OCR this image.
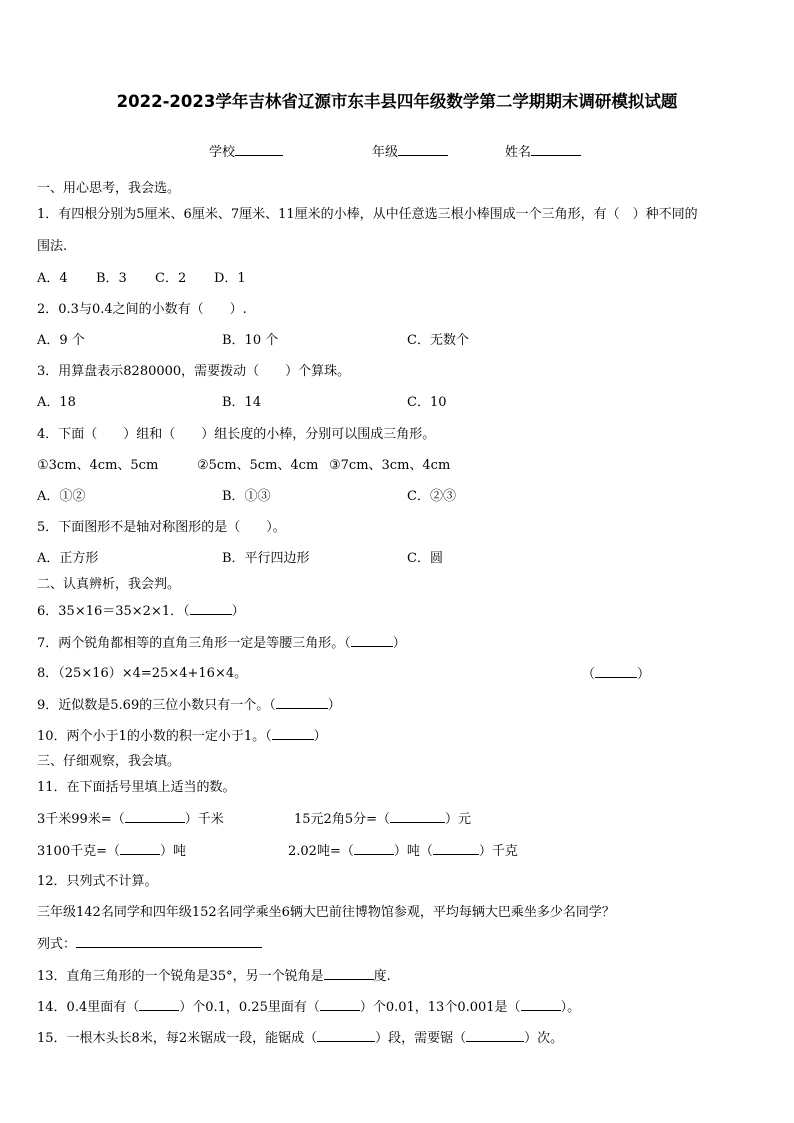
2022-2023学年吉林省辽源市东丰县四年级数学第二学期期末调研模拟试题
学校	年级	姓名
一、用心思考，我会选。
1．有四根分别为5厘米、6厘米、7厘米、11厘米的小棒，从中任意选三根小棒围成一个三角形，有（　）种不同的
围法.
A．4 B．3 C．2 D．1
2．0.3与0.4之间的小数有（　　）.
A．9 个	B．10 个	C．无数个
3．用算盘表示8280000，需要拨动（　　）个算珠。
A．18	B．14	C．10
4．下面（　　）组和（　　）组长度的小棒，分别可以围成三角形。
①3cm、4cm、5cm	②5cm、5cm、4cm ③7cm、3cm、4cm
A．①②	B．①③	C．②③
5．下面图形不是轴对称图形的是（　　）。
A．正方形	B．平行四边形	C．圆
二、认真辨析，我会判。
6．35×16＝35×2×1．（	）
7．两个锐角都相等的直角三角形一定是等腰三角形。（	）
8．（25×16）×4=25×4+16×4。	（	）
9．近似数是5.69的三位小数只有一个。（	）
10．两个小于1的小数的积一定小于1。（	）
三、仔细观察，我会填。
11．在下面括号里填上适当的数。
3千米99米=（	）千米	15元2角5分=（	）元
3100千克=（	）吨	2.02吨=（	）吨（	）千克
12．只列式不计算。
三年级142名同学和四年级152名同学乘坐6辆大巴前往博物馆参观，平均每辆大巴乘坐多少名同学？
列式：
13．直角三角形的一个锐角是35°，另一个锐角是	度.
14．0.4里面有（	）个0.1，0.25里面有（	）个0.01，13个0.001是（	）。
15．一根木头长8米，每2米锯成一段，能锯成（	）段，需要锯（	）次。
